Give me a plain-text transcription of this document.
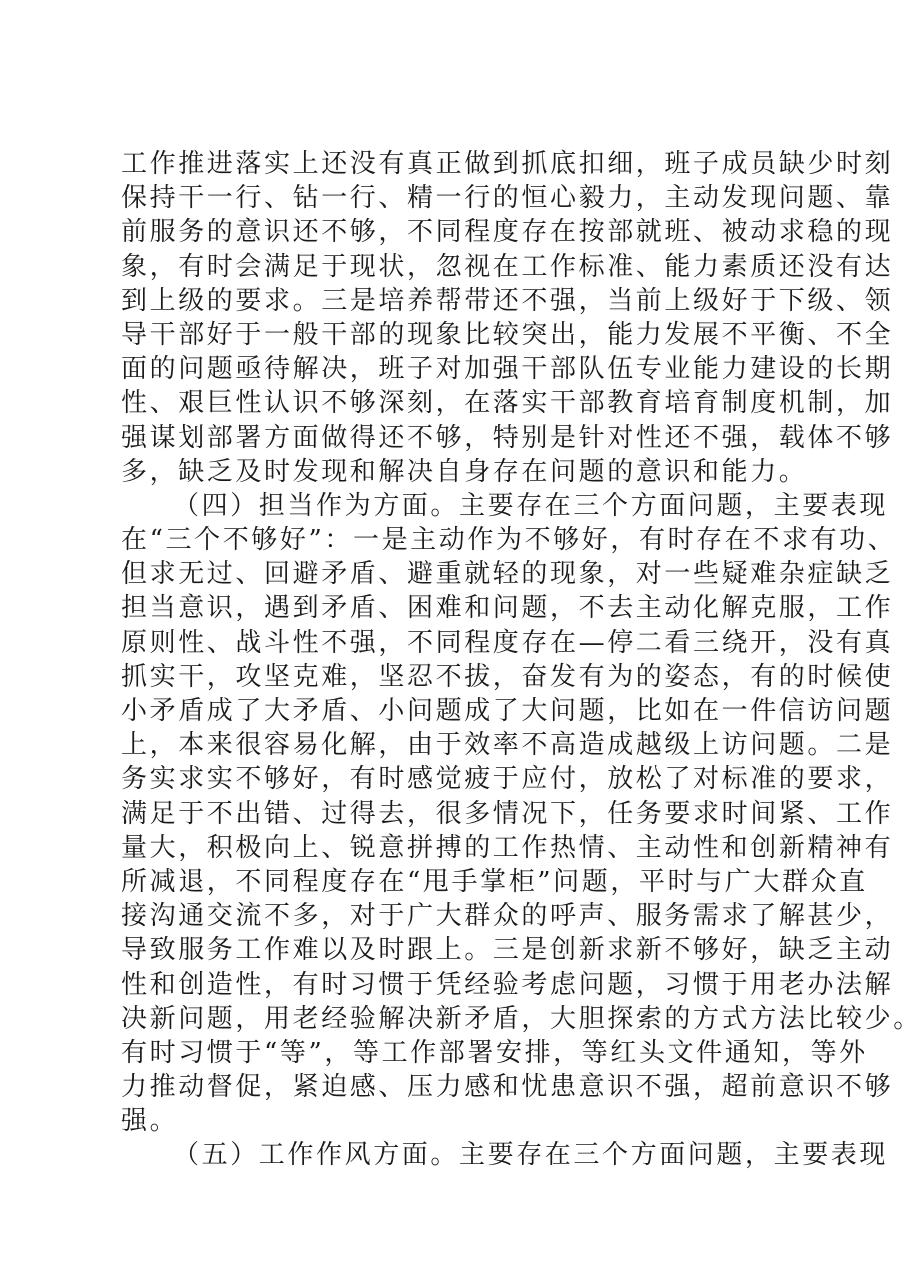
工作推进落实上还没有真正做到抓底扣细，班子成员缺少时刻
保持干一行、钻一行、精一行的恒心毅力，主动发现问题、靠
前服务的意识还不够，不同程度存在按部就班、被动求稳的现
象，有时会满足于现状，忽视在工作标准、能力素质还没有达
到上级的要求。三是培养帮带还不强，当前上级好于下级、领
导干部好于一般干部的现象比较突出，能力发展不平衡、不全
面的问题亟待解决，班子对加强干部队伍专业能力建设的长期
性、艰巨性认识不够深刻，在落实干部教育培育制度机制，加
强谋划部署方面做得还不够，特别是针对性还不强，载体不够
多，缺乏及时发现和解决自身存在问题的意识和能力。
（四）担当作为方面。主要存在三个方面问题，主要表现
在“三个不够好”：一是主动作为不够好，有时存在不求有功、
但求无过、回避矛盾、避重就轻的现象，对一些疑难杂症缺乏
担当意识，遇到矛盾、困难和问题，不去主动化解克服，工作
原则性、战斗性不强，不同程度存在—停二看三绕开，没有真
抓实干，攻坚克难，坚忍不拔，奋发有为的姿态，有的时候使
小矛盾成了大矛盾、小问题成了大问题，比如在一件信访问题
上，本来很容易化解，由于效率不高造成越级上访问题。二是
务实求实不够好，有时感觉疲于应付，放松了对标准的要求，
满足于不出错、过得去，很多情况下，任务要求时间紧、工作
量大，积极向上、锐意拼搏的工作热情、主动性和创新精神有
所减退，不同程度存在“甩手掌柜”问题，平时与广大群众直
接沟通交流不多，对于广大群众的呼声、服务需求了解甚少，
导致服务工作难以及时跟上。三是创新求新不够好，缺乏主动
性和创造性，有时习惯于凭经验考虑问题，习惯于用老办法解
决新问题，用老经验解决新矛盾，大胆探索的方式方法比较少。
有时习惯于“等”，等工作部署安排，等红头文件通知，等外
力推动督促，紧迫感、压力感和忧患意识不强，超前意识不够
强。
（五）工作作风方面。主要存在三个方面问题，主要表现
